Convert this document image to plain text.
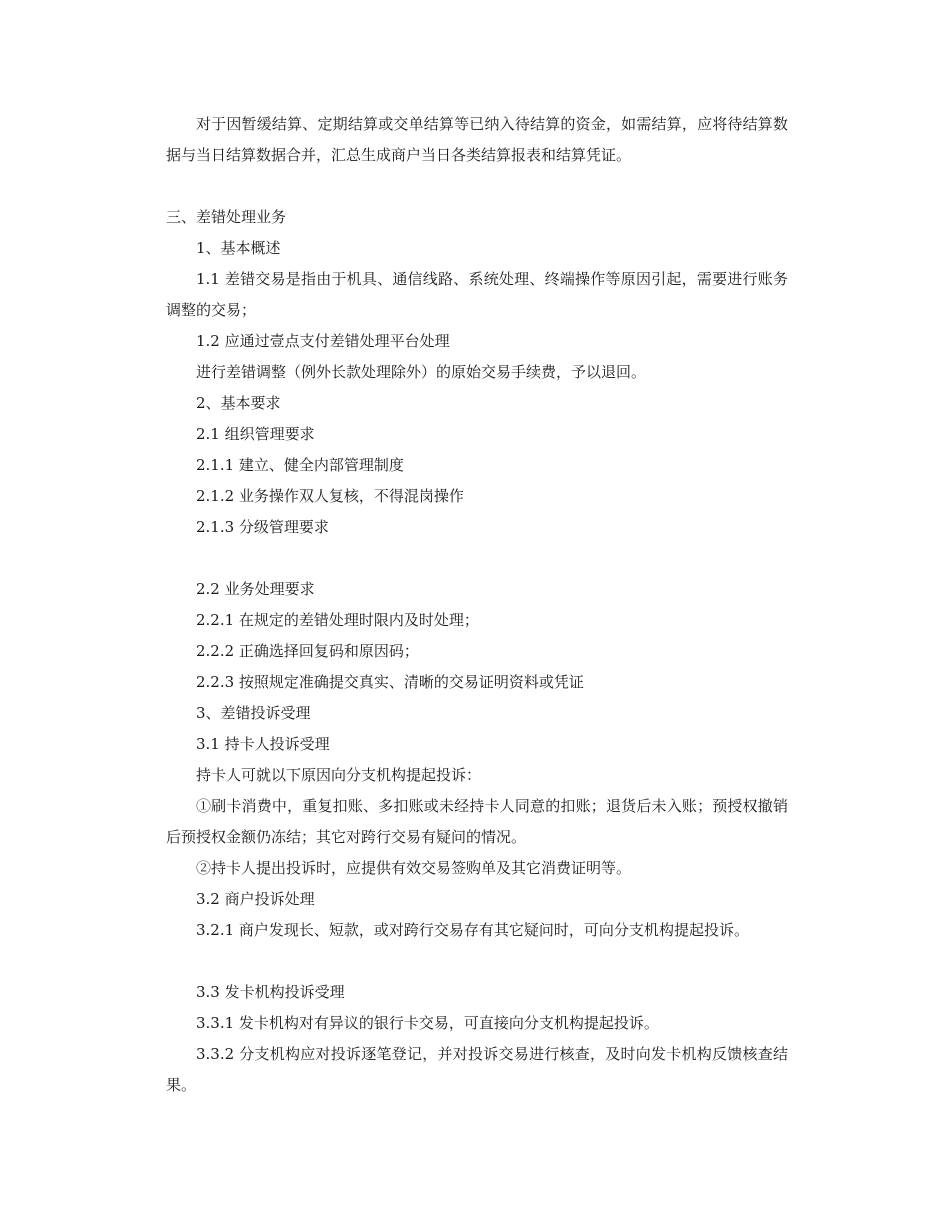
对于因暂缓结算、定期结算或交单结算等已纳入待结算的资金，如需结算，应将待结算数据与当日结算数据合并，汇总生成商户当日各类结算报表和结算凭证。

三、差错处理业务

1、基本概述

1.1 差错交易是指由于机具、通信线路、系统处理、终端操作等原因引起，需要进行账务调整的交易；

1.2 应通过壹点支付差错处理平台处理

进行差错调整（例外长款处理除外）的原始交易手续费，予以退回。

2、基本要求

2.1 组织管理要求

2.1.1 建立、健全内部管理制度

2.1.2 业务操作双人复核，不得混岗操作

2.1.3 分级管理要求

2.2 业务处理要求

2.2.1 在规定的差错处理时限内及时处理；

2.2.2 正确选择回复码和原因码；

2.2.3 按照规定准确提交真实、清晰的交易证明资料或凭证

3、差错投诉受理

3.1 持卡人投诉受理

持卡人可就以下原因向分支机构提起投诉：

①刷卡消费中，重复扣账、多扣账或未经持卡人同意的扣账；退货后未入账；预授权撤销后预授权金额仍冻结；其它对跨行交易有疑问的情况。

②持卡人提出投诉时，应提供有效交易签购单及其它消费证明等。

3.2 商户投诉处理

3.2.1 商户发现长、短款，或对跨行交易存有其它疑问时，可向分支机构提起投诉。

3.3 发卡机构投诉受理

3.3.1 发卡机构对有异议的银行卡交易，可直接向分支机构提起投诉。

3.3.2 分支机构应对投诉逐笔登记，并对投诉交易进行核查，及时向发卡机构反馈核查结果。
